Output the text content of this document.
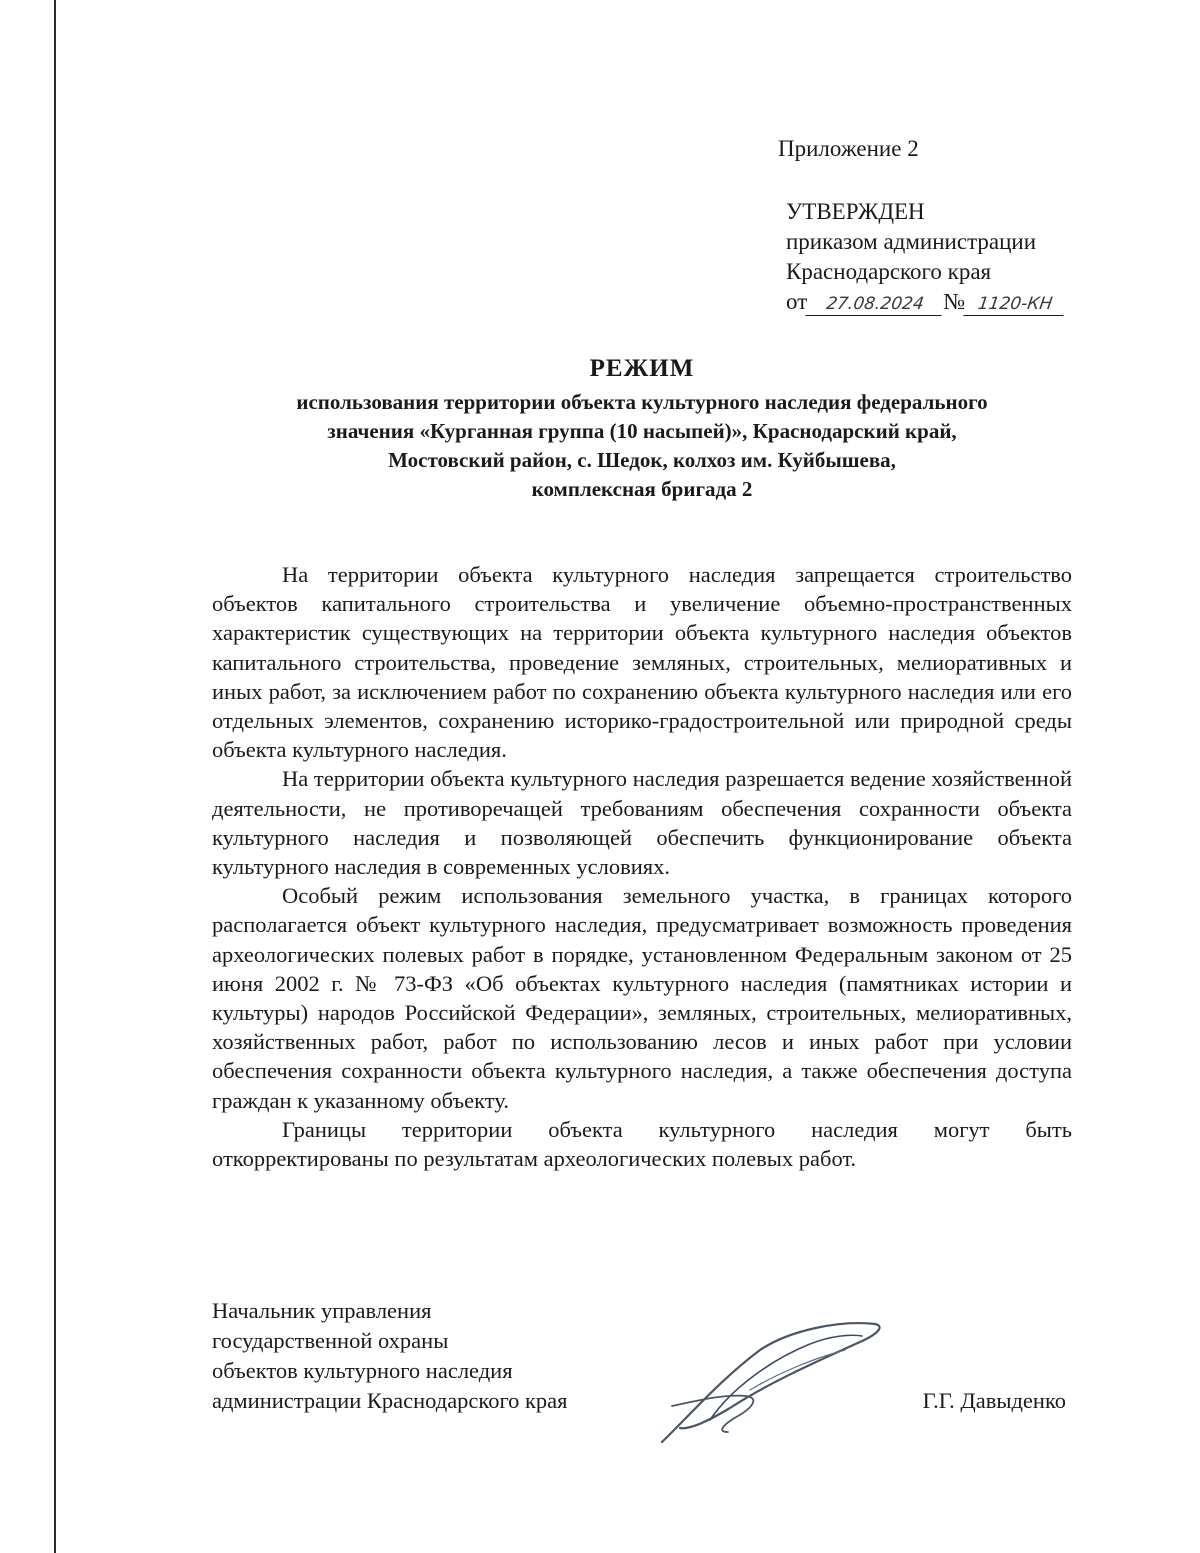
Приложение 2
УТВЕРЖДЕН
приказом администрации
Краснодарского края
от 27.08.2024 № 1120-КН
РЕЖИМ
использования территории объекта культурного наследия федерального
значения «Курганная группа (10 насыпей)», Краснодарский край,
Мостовский район, с. Шедок, колхоз им. Куйбышева,
комплексная бригада 2

На территории объекта культурного наследия запрещается строительство объектов капитального строительства и увеличение объемно-пространственных характеристик существующих на территории объекта культурного наследия объектов капитального строительства, проведение земляных, строительных, мелиоративных и иных работ, за исключением работ по сохранению объекта культурного наследия или его отдельных элементов, сохранению историко-градостроительной или природной среды объекта культурного наследия.

На территории объекта культурного наследия разрешается ведение хозяйственной деятельности, не противоречащей требованиям обеспечения сохранности объекта культурного наследия и позволяющей обеспечить функционирование объекта культурного наследия в современных условиях.

Особый режим использования земельного участка, в границах которого располагается объект культурного наследия, предусматривает возможность проведения археологических полевых работ в порядке, установленном Федеральным законом от 25 июня 2002 г. № 73-ФЗ «Об объектах культурного наследия (памятниках истории и культуры) народов Российской Федерации», земляных, строительных, мелиоративных, хозяйственных работ, работ по использованию лесов и иных работ при условии обеспечения сохранности объекта культурного наследия, а также обеспечения доступа граждан к указанному объекту.

Границы территории объекта культурного наследия могут быть откорректированы по результатам археологических полевых работ.

Начальник управления
государственной охраны
объектов культурного наследия
администрации Краснодарского края	Г.Г. Давыденко
